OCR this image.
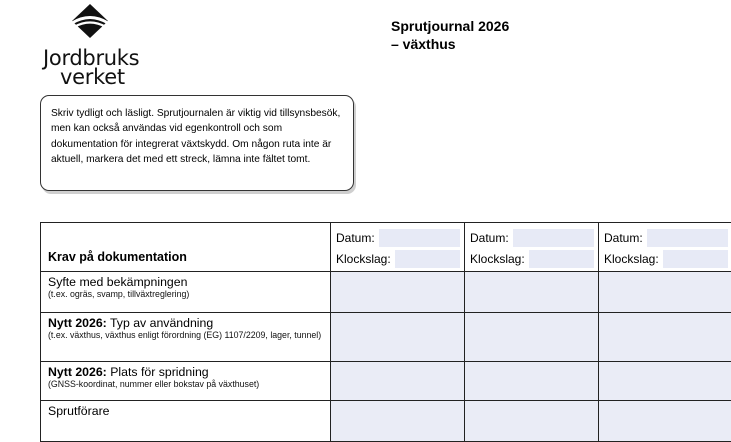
Jordbruks
verket
Sprutjournal 2026
– växthus
Skriv tydligt och läsligt. Sprutjournalen är viktig vid tillsynsbesök, men kan också användas vid egenkontroll och som dokumentation för integrerat växtskydd. Om någon ruta inte är aktuell, markera det med ett streck, lämna inte fältet tomt.
Krav på dokumentation
Datum:
Klockslag:
Datum:
Klockslag:
Datum:
Klockslag:
Syfte med bekämpningen
(t.ex. ogräs, svamp, tillväxtreglering)
Nytt 2026: Typ av användning
(t.ex. växthus, växthus enligt förordning (EG) 1107/2209, lager, tunnel)
Nytt 2026: Plats för spridning
(GNSS-koordinat, nummer eller bokstav på växthuset)
Sprutförare
